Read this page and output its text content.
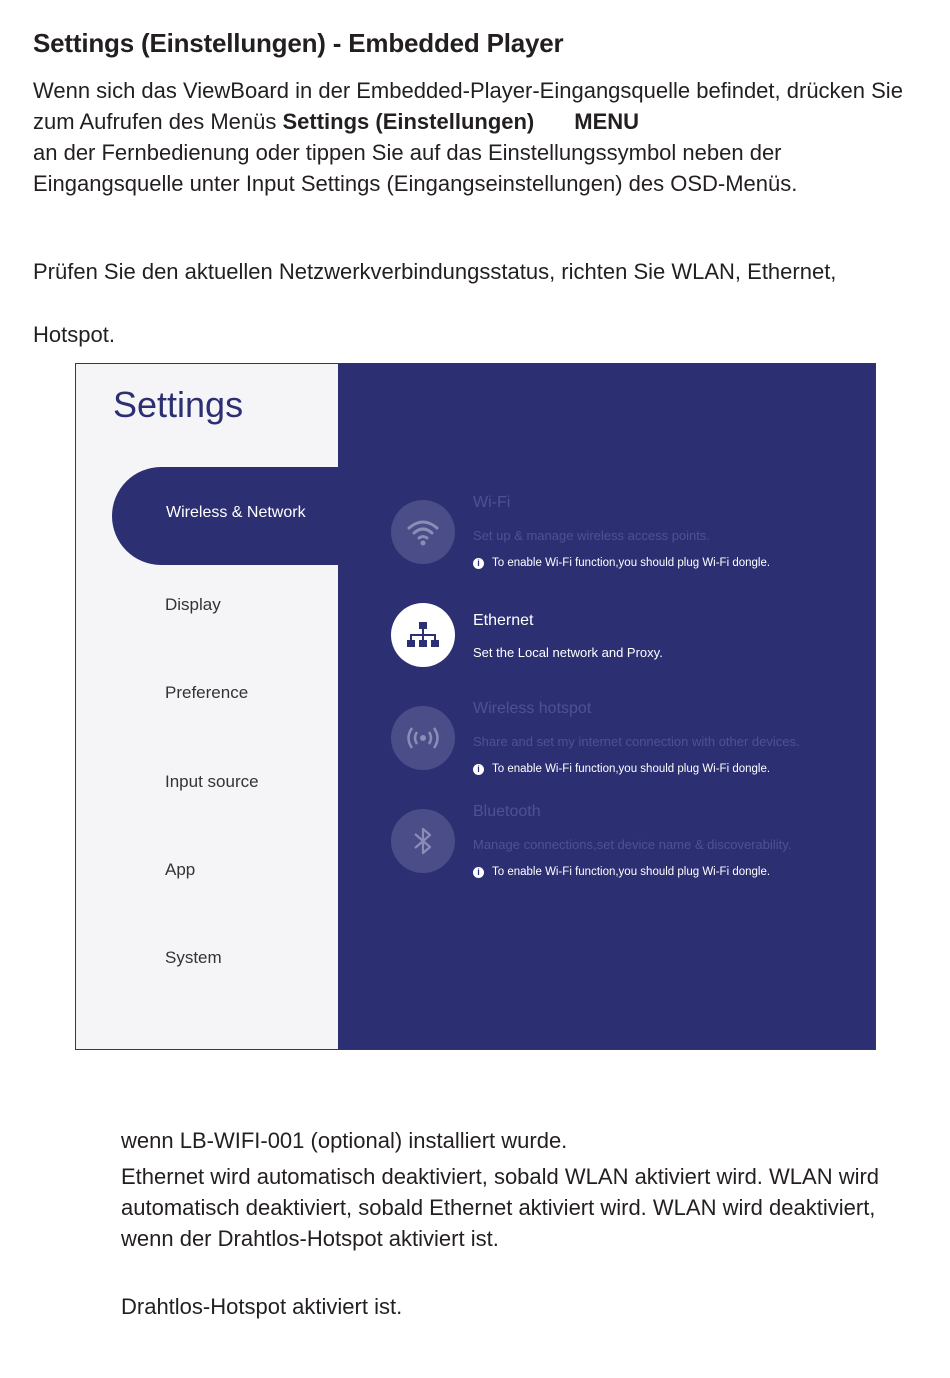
Settings (Einstellungen) - Embedded Player
Wenn sich das ViewBoard in der Embedded-Player-Eingangsquelle befindet, drücken Sie zum Aufrufen des Menüs Settings (Einstellungen) MENU
an der Fernbedienung oder tippen Sie auf das Einstellungssymbol neben der Eingangsquelle unter Input Settings (Eingangseinstellungen) des OSD-Menüs.
Prüfen Sie den aktuellen Netzwerkverbindungsstatus, richten Sie WLAN, Ethernet,
Hotspot.
Settings
Wireless & Network
Display
Preference
Input source
App
System
Wi-Fi
Set up & manage wireless access points.
i	To enable Wi-Fi function,you should plug Wi-Fi dongle.
Ethernet
Set the Local network and Proxy.
Wireless hotspot
Share and set my internet connection with other devices.
i	To enable Wi-Fi function,you should plug Wi-Fi dongle.
Bluetooth
Manage connections,set device name & discoverability.
i	To enable Wi-Fi function,you should plug Wi-Fi dongle.
wenn LB-WIFI-001 (optional) installiert wurde.
Ethernet wird automatisch deaktiviert, sobald WLAN aktiviert wird. WLAN wird automatisch deaktiviert, sobald Ethernet aktiviert wird. WLAN wird deaktiviert, wenn der Drahtlos-Hotspot aktiviert ist.
Drahtlos-Hotspot aktiviert ist.
